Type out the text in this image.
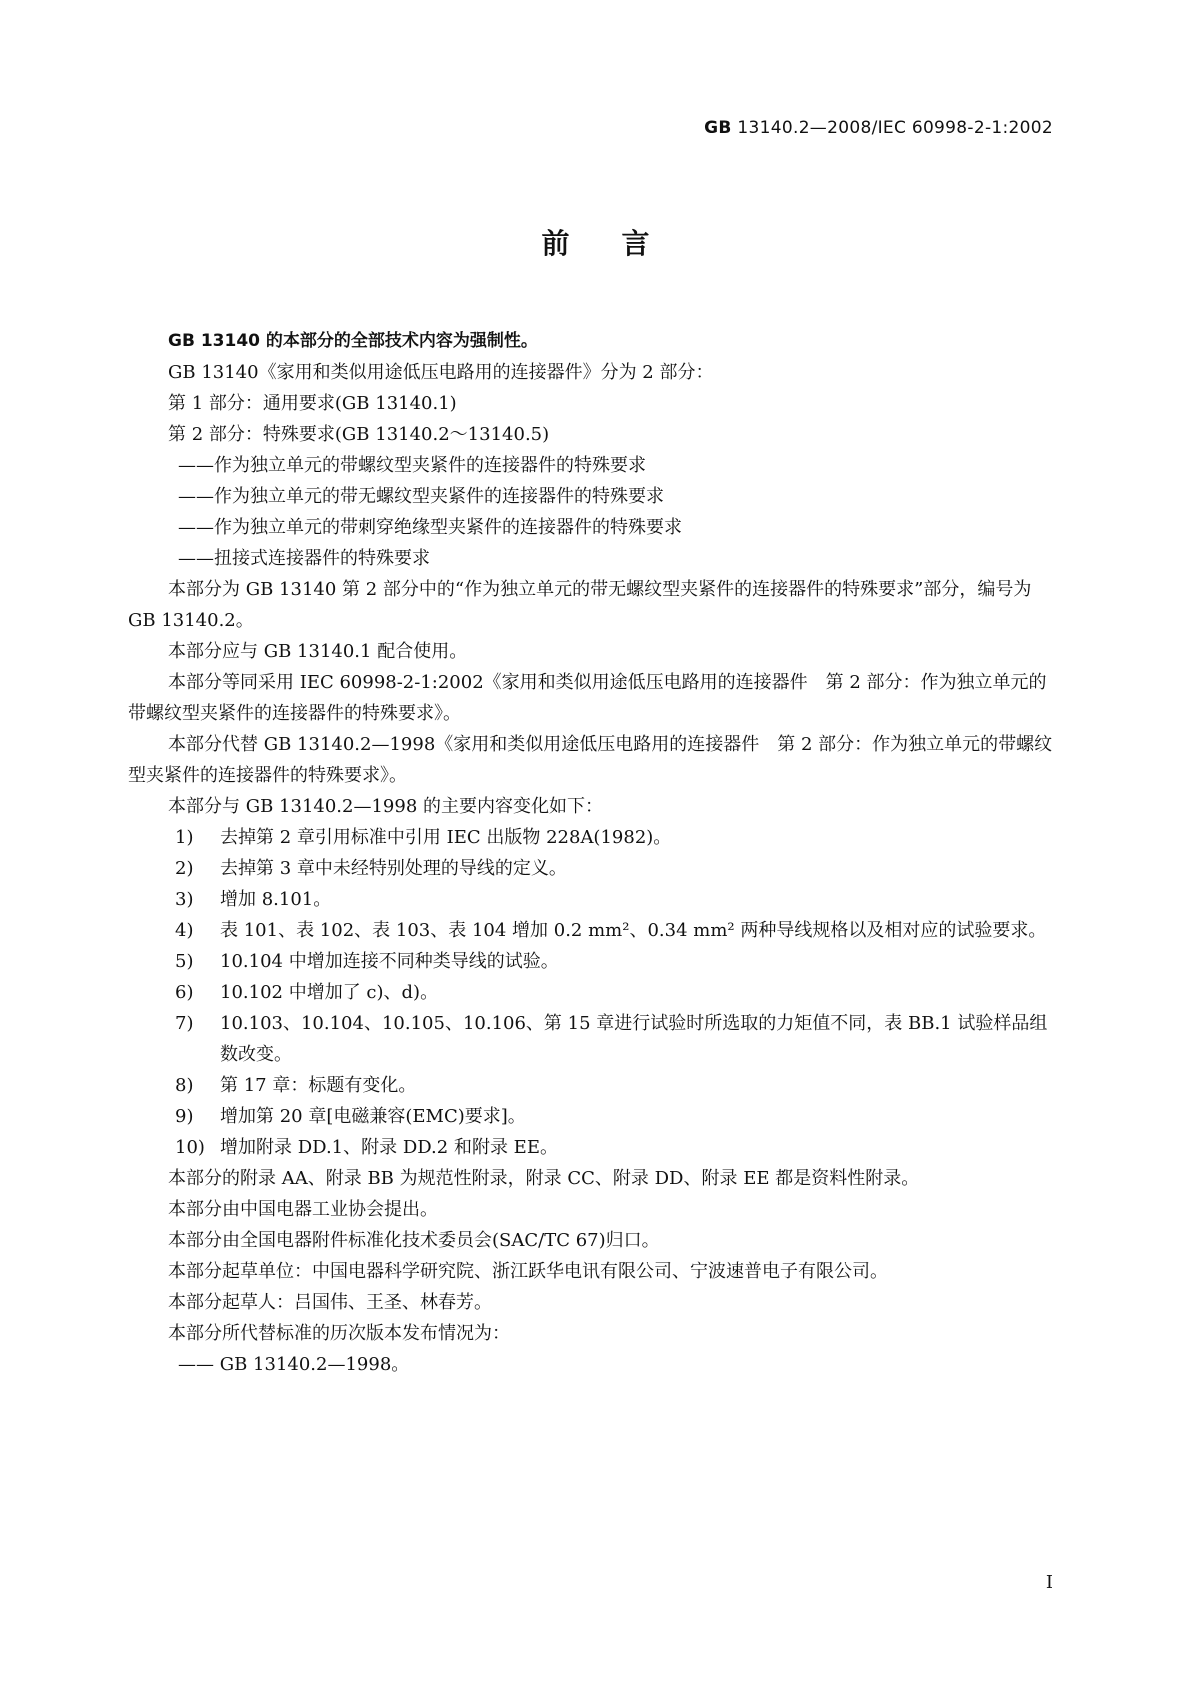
GB 13140.2—2008/IEC 60998-2-1:2002
前言

GB 13140 的本部分的全部技术内容为强制性。

GB 13140《家用和类似用途低压电路用的连接器件》分为 2 部分：

第 1 部分：通用要求(GB 13140.1)

第 2 部分：特殊要求(GB 13140.2～13140.5)

——作为独立单元的带螺纹型夹紧件的连接器件的特殊要求

——作为独立单元的带无螺纹型夹紧件的连接器件的特殊要求

——作为独立单元的带刺穿绝缘型夹紧件的连接器件的特殊要求

——扭接式连接器件的特殊要求

本部分为 GB 13140 第 2 部分中的“作为独立单元的带无螺纹型夹紧件的连接器件的特殊要求”部分，编号为 GB 13140.2。

本部分应与 GB 13140.1 配合使用。

本部分等同采用 IEC 60998-2-1:2002《家用和类似用途低压电路用的连接器件　第 2 部分：作为独立单元的带螺纹型夹紧件的连接器件的特殊要求》。

本部分代替 GB 13140.2—1998《家用和类似用途低压电路用的连接器件　第 2 部分：作为独立单元的带螺纹型夹紧件的连接器件的特殊要求》。

本部分与 GB 13140.2—1998 的主要内容变化如下：

1) 去掉第 2 章引用标准中引用 IEC 出版物 228A(1982)。
2) 去掉第 3 章中未经特别处理的导线的定义。
3) 增加 8.101。
4) 表 101、表 102、表 103、表 104 增加 0.2 mm²、0.34 mm² 两种导线规格以及相对应的试验要求。
5) 10.104 中增加连接不同种类导线的试验。
6) 10.102 中增加了 c)、d)。
7) 10.103、10.104、10.105、10.106、第 15 章进行试验时所选取的力矩值不同，表 BB.1 试验样品组数改变。
8) 第 17 章：标题有变化。
9) 增加第 20 章[电磁兼容(EMC)要求]。
10) 增加附录 DD.1、附录 DD.2 和附录 EE。

本部分的附录 AA、附录 BB 为规范性附录，附录 CC、附录 DD、附录 EE 都是资料性附录。

本部分由中国电器工业协会提出。

本部分由全国电器附件标准化技术委员会(SAC/TC 67)归口。

本部分起草单位：中国电器科学研究院、浙江跃华电讯有限公司、宁波速普电子有限公司。

本部分起草人：吕国伟、王圣、林春芳。

本部分所代替标准的历次版本发布情况为：

—— GB 13140.2—1998。

I
